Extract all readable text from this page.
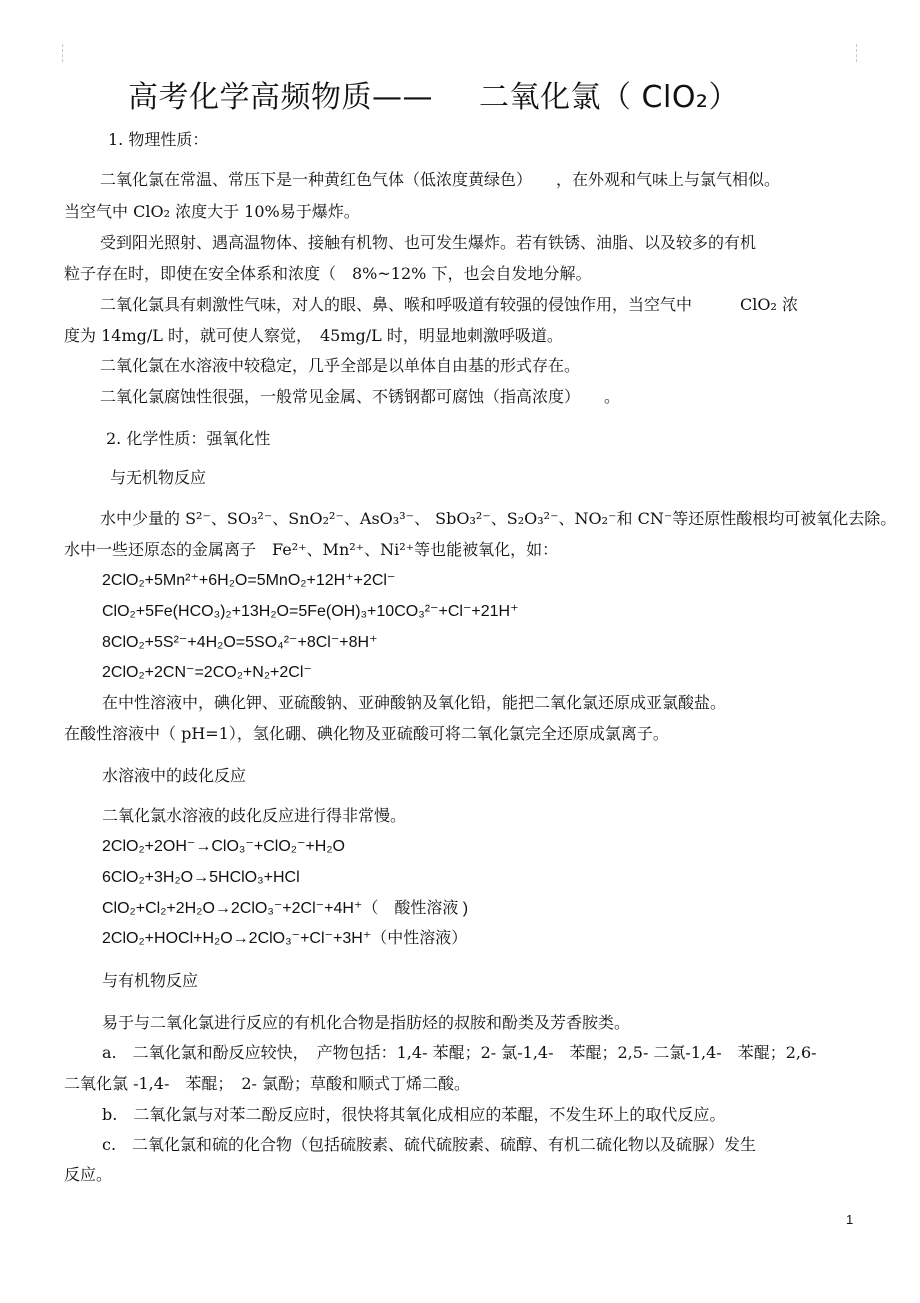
高考化学高频物质—— 二氧化氯（ ClO₂）
1. 物理性质：
二氧化氯在常温、常压下是一种黄红色气体（低浓度黄绿色）　　，在外观和气味上与氯气相似。
当空气中 ClO₂ 浓度大于 10%易于爆炸。
受到阳光照射、遇高温物体、接触有机物、也可发生爆炸。若有铁锈、油脂、以及较多的有机
粒子存在时，即使在安全体系和浓度（　8%~12% 下，也会自发地分解。
二氧化氯具有刺激性气味，对人的眼、鼻、喉和呼吸道有较强的侵蚀作用，当空气中　　　ClO₂ 浓
度为 14mg/L 时，就可使人察觉，　45mg/L 时，明显地刺激呼吸道。
二氧化氯在水溶液中较稳定，几乎全部是以单体自由基的形式存在。
二氧化氯腐蚀性很强，一般常见金属、不锈钢都可腐蚀（指高浓度）　　。
2. 化学性质：强氧化性
与无机物反应
水中少量的 S²⁻、SO₃²⁻、SnO₂²⁻、AsO₃³⁻、 SbO₃²⁻、S₂O₃²⁻、NO₂⁻和 CN⁻等还原性酸根均可被氧化去除。
水中一些还原态的金属离子　Fe²⁺、Mn²⁺、Ni²⁺等也能被氧化，如：
2ClO₂+5Mn²⁺+6H₂O=5MnO₂+12H⁺+2Cl⁻
ClO₂+5Fe(HCO₃)₂+13H₂O=5Fe(OH)₃+10CO₃²⁻+Cl⁻+21H⁺
8ClO₂+5S²⁻+4H₂O=5SO₄²⁻+8Cl⁻+8H⁺
2ClO₂+2CN⁻=2CO₂+N₂+2Cl⁻
在中性溶液中，碘化钾、亚硫酸钠、亚砷酸钠及氧化铅，能把二氧化氯还原成亚氯酸盐。
在酸性溶液中（ pH=1），氢化硼、碘化物及亚硫酸可将二氧化氯完全还原成氯离子。
水溶液中的歧化反应
二氧化氯水溶液的歧化反应进行得非常慢。
2ClO₂+2OH⁻→ClO₃⁻+ClO₂⁻+H₂O
6ClO₂+3H₂O→5HClO₃+HCl
ClO₂+Cl₂+2H₂O→2ClO₃⁻+2Cl⁻+4H⁺（　酸性溶液 )
2ClO₂+HOCl+H₂O→2ClO₃⁻+Cl⁻+3H⁺（中性溶液）
与有机物反应
易于与二氧化氯进行反应的有机化合物是指肪烃的叔胺和酚类及芳香胺类。
a.　二氧化氯和酚反应较快，　产物包括：1,4- 苯醌；2- 氯-1,4-　苯醌；2,5- 二氯-1,4-　苯醌；2,6-
二氧化氯 -1,4-　苯醌；　2- 氯酚；草酸和顺式丁烯二酸。
b.　二氧化氯与对苯二酚反应时，很快将其氧化成相应的苯醌，不发生环上的取代反应。
c.　二氧化氯和硫的化合物（包括硫胺素、硫代硫胺素、硫醇、有机二硫化物以及硫脲）发生
反应。
1
